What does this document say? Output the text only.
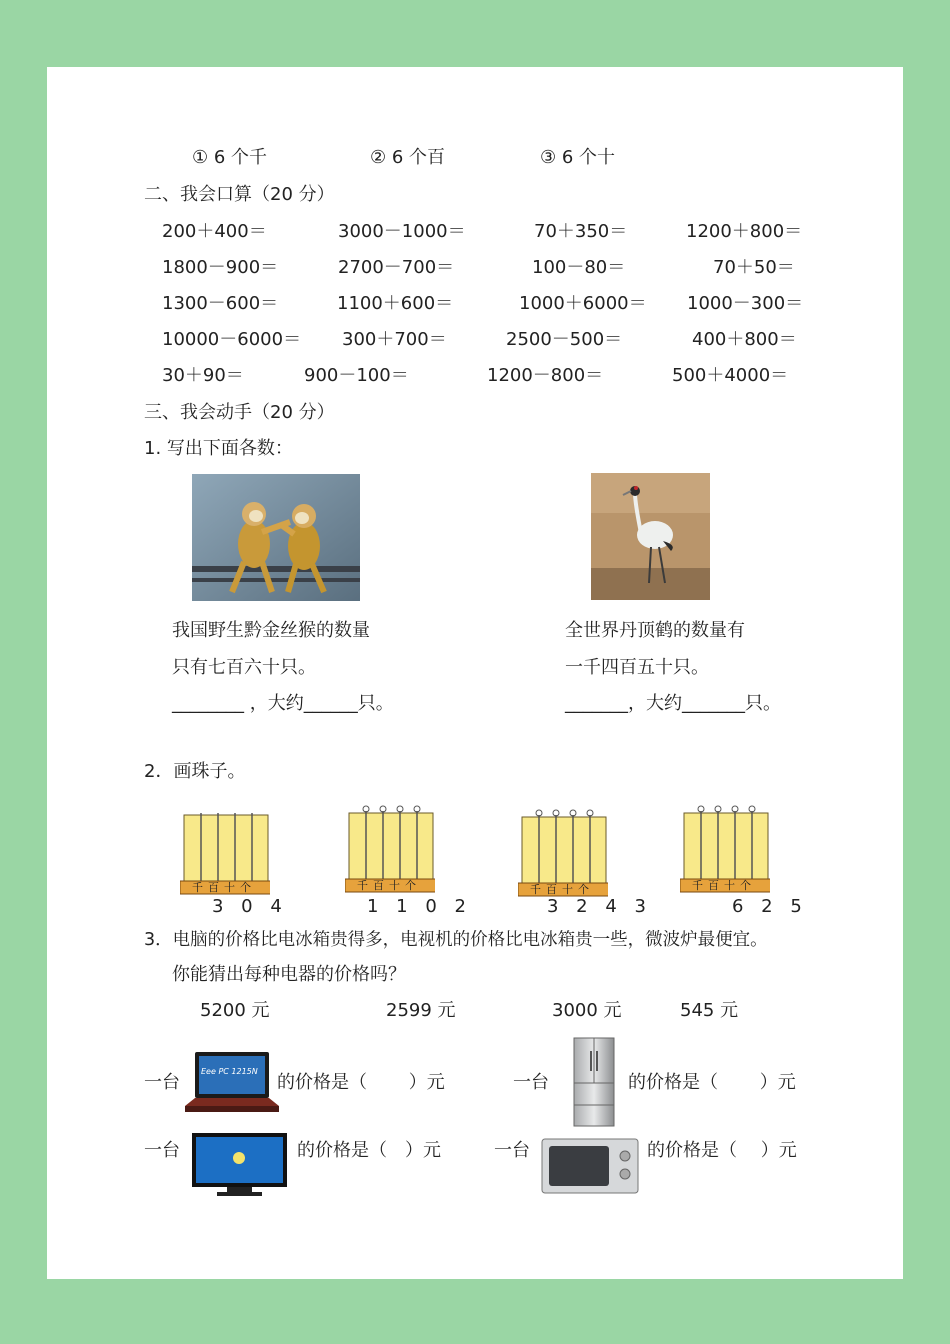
① 6 个千	② 6 个百	③ 6 个十
二、我会口算（20 分）
200＋400＝	3000－1000＝	70＋350＝	1200＋800＝
1800－900＝	2700－700＝	100－80＝	70＋50＝
1300－600＝	1100＋600＝	1000＋6000＝ 1000－300＝
10000－6000＝ 300＋700＝	2500－500＝	400＋800＝
30＋90＝	900－100＝	1200－800＝	500＋4000＝
三、我会动手（20 分）
1. 写出下面各数：
我国野生黔金丝猴的数量
只有七百六十只。
________ ，大约______只。
全世界丹顶鹤的数量有
一千四百五十只。
_______，大约_______只。
2．画珠子。
千百十个
3 0 4
千百十个
1 1 0 2
千百十个
3 2 4 3
千百十个
6 2 5
3．电脑的价格比电冰箱贵得多，电视机的价格比电冰箱贵一些，微波炉最便宜。
你能猜出每种电器的价格吗？
5200 元	2599 元	3000 元	545 元
一台
Eee PC 1215N
的价格是（　　 ）元	一台	的价格是（　　 ）元
一台	的价格是（　）元	一台	的价格是（　 ）元
